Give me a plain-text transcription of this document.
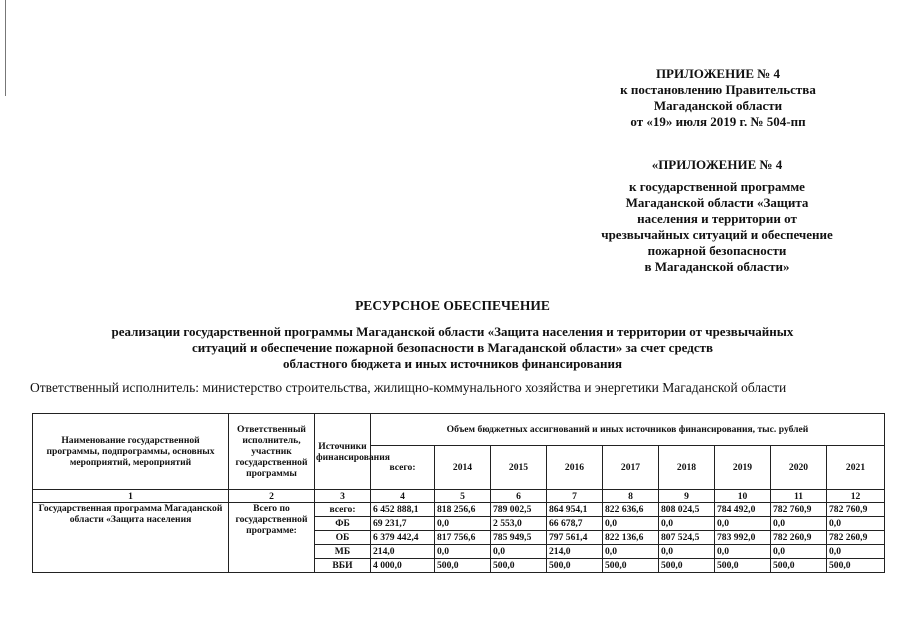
ПРИЛОЖЕНИЕ № 4
к постановлению Правительства
Магаданской области
от «19» июля 2019 г. № 504-пп
«ПРИЛОЖЕНИЕ № 4
к государственной программе
Магаданской области «Защита
населения и территории от
чрезвычайных ситуаций и обеспечение
пожарной безопасности
в Магаданской области»
РЕСУРСНОЕ ОБЕСПЕЧЕНИЕ
реализации государственной программы Магаданской области «Защита населения и территории от чрезвычайных
ситуаций и обеспечение пожарной безопасности в Магаданской области» за счет средств
областного бюджета и иных источников финансирования
Ответственный исполнитель: министерство строительства, жилищно-коммунального хозяйства и энергетики Магаданской области
Наименование государственной программы, подпрограммы, основных мероприятий, мероприятий	Ответственный исполнитель, участник государственной программы	Источники финансирования	Объем бюджетных ассигнований и иных источников финансирования, тыс. рублей								
			всего:	2014	2015	2016	2017	2018	2019	2020	2021
1	2	3	4	5	6	7	8	9	10	11	12
Государственная программа Магаданской области «Защита населения	Всего по государственной программе:	всего:	6 452 888,1	818 256,6	789 002,5	864 954,1	822 636,6	808 024,5	784 492,0	782 760,9	782 760,9
		ФБ	69 231,7	0,0	2 553,0	66 678,7	0,0	0,0	0,0	0,0	0,0
		ОБ	6 379 442,4	817 756,6	785 949,5	797 561,4	822 136,6	807 524,5	783 992,0	782 260,9	782 260,9
		МБ	214,0	0,0	0,0	214,0	0,0	0,0	0,0	0,0	0,0
		ВБИ	4 000,0	500,0	500,0	500,0	500,0	500,0	500,0	500,0	500,0
